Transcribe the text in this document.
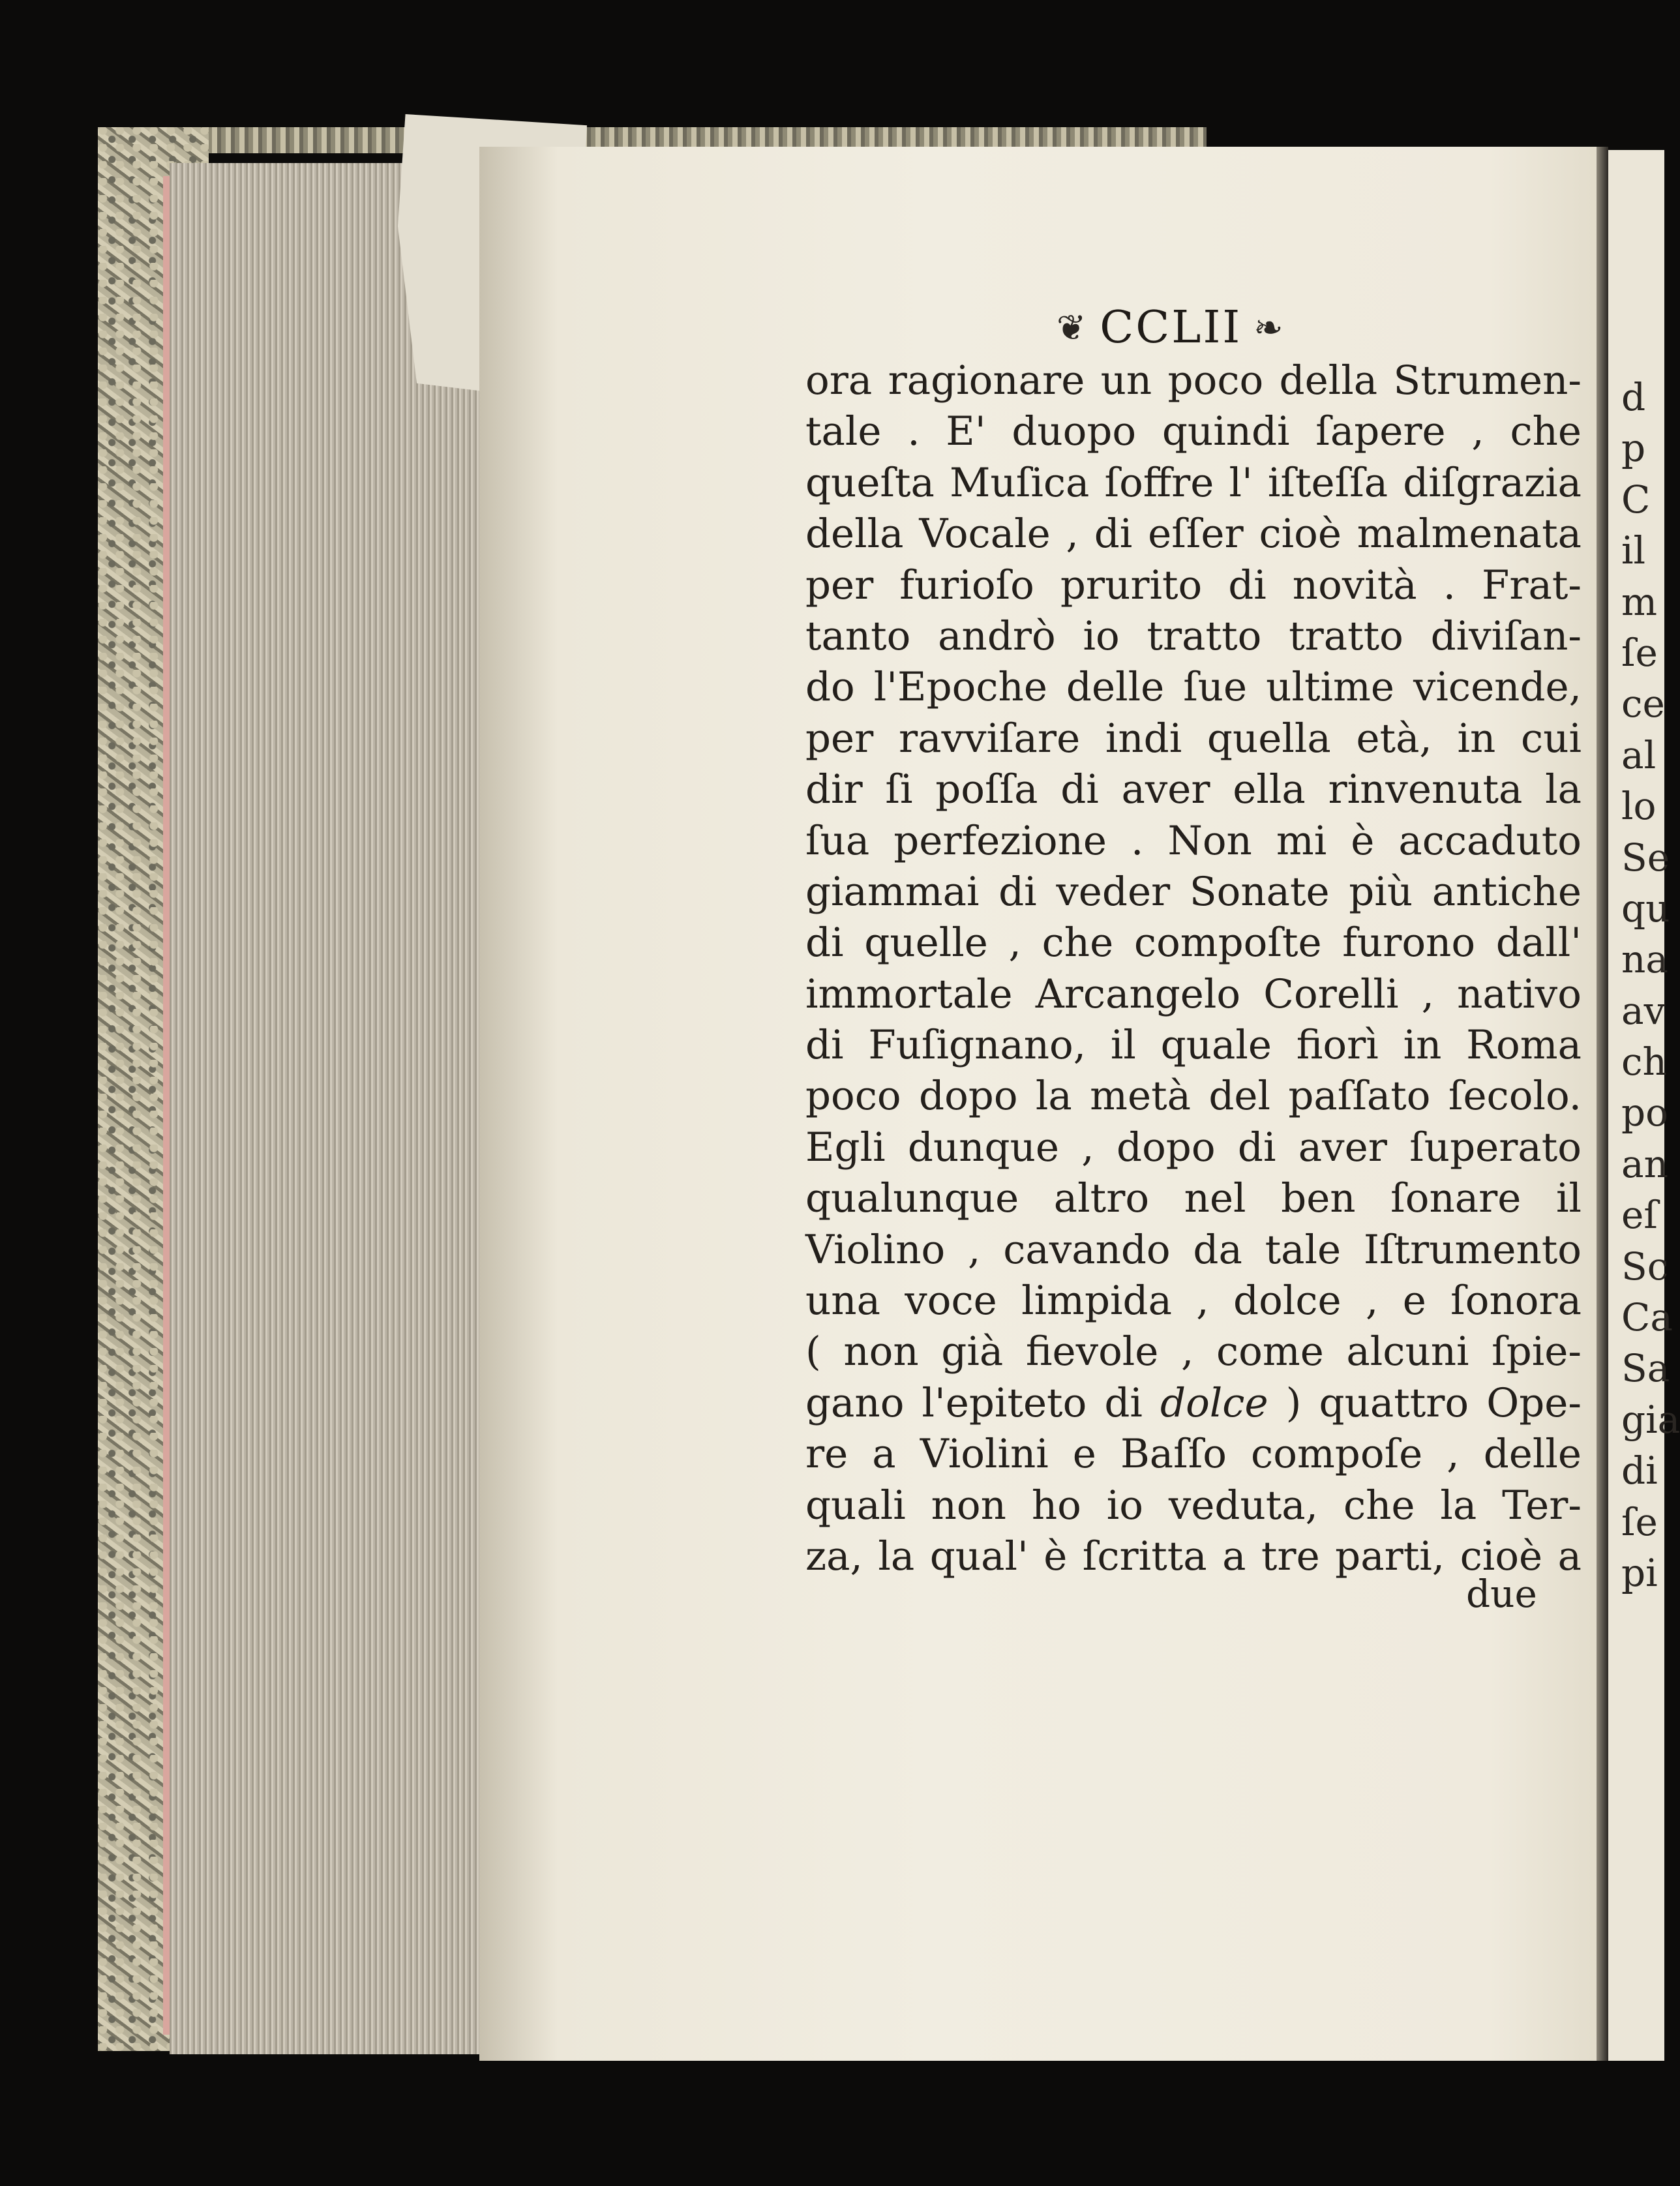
❦ CCLII ❧
ora ragionare un poco della Strumen-
tale . E' duopo quindi ſapere , che
queſta Muſica ſoffre l' iſteſſa diſgrazia
della Vocale , di eſſer cioè malmenata
per furioſo prurito di novità . Frat-
tanto andrò io tratto tratto diviſan-
do l'Epoche delle ſue ultime vicende,
per ravviſare indi quella età, in cui
dir ſi poſſa di aver ella rinvenuta la
ſua perfezione . Non mi è accaduto
giammai di veder Sonate più antiche
di quelle , che compoſte furono dall'
immortale Arcangelo Corelli , nativo
di Fuſignano, il quale fiorì in Roma
poco dopo la metà del paſſato ſecolo.
Egli dunque , dopo di aver ſuperato
qualunque altro nel ben ſonare il
Violino , cavando da tale Iſtrumento
una voce limpida , dolce , e ſonora
( non già fievole , come alcuni ſpie-
gano l'epiteto di dolce ) quattro Ope-
re a Violini e Baſſo compoſe , delle
quali non ho io veduta, che la Ter-
za, la qual' è ſcritta a tre parti, cioè a
due
d
p
C
il
m
ſe
ce
al
lo
Se
qu
na
av
ch
po
an
eſ
Sc
Ca
Sa
gia
di
ſe
pi
